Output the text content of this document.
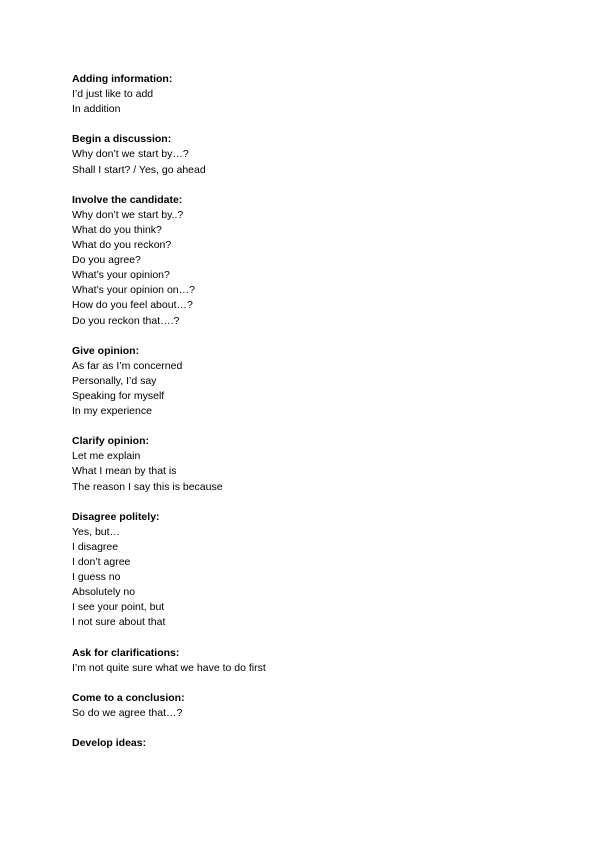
Adding information:
I’d just like to add
In addition
Begin a discussion:
Why don’t we start by…?
Shall I start? / Yes, go ahead
Involve the candidate:
Why don’t we start by..?
What do you think?
What do you reckon?
Do you agree?
What’s your opinion?
What’s your opinion on…?
How do you feel about…?
Do you reckon that….?
Give opinion:
As far as I’m concerned
Personally, I’d say
Speaking for myself
In my experience
Clarify opinion:
Let me explain
What I mean by that is
The reason I say this is because
Disagree politely:
Yes, but…
I disagree
I don’t agree
I guess no
Absolutely no
I see your point, but
I not sure about that
Ask for clarifications:
I’m not quite sure what we have to do first
Come to a conclusion:
So do we agree that…?
Develop ideas:
